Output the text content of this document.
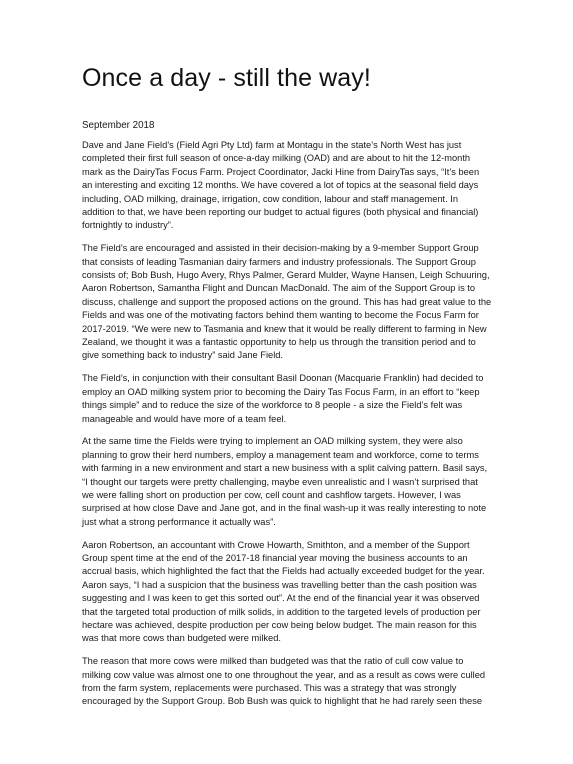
Once a day - still the way!

September 2018

Dave and Jane Field’s (Field Agri Pty Ltd) farm at Montagu in the state’s North West has just completed their first full season of once-a-day milking (OAD) and are about to hit the 12-month mark as the DairyTas Focus Farm. Project Coordinator, Jacki Hine from DairyTas says, “It’s been an interesting and exciting 12 months. We have covered a lot of topics at the seasonal field days including, OAD milking, drainage, irrigation, cow condition, labour and staff management. In addition to that, we have been reporting our budget to actual figures (both physical and financial) fortnightly to industry”.

The Field’s are encouraged and assisted in their decision-making by a 9-member Support Group that consists of leading Tasmanian dairy farmers and industry professionals. The Support Group consists of; Bob Bush, Hugo Avery, Rhys Palmer, Gerard Mulder, Wayne Hansen, Leigh Schuuring, Aaron Robertson, Samantha Flight and Duncan MacDonald. The aim of the Support Group is to discuss, challenge and support the proposed actions on the ground. This has had great value to the Fields and was one of the motivating factors behind them wanting to become the Focus Farm for 2017-2019. “We were new to Tasmania and knew that it would be really different to farming in New Zealand, we thought it was a fantastic opportunity to help us through the transition period and to give something back to industry” said Jane Field.

The Field’s, in conjunction with their consultant Basil Doonan (Macquarie Franklin) had decided to employ an OAD milking system prior to becoming the Dairy Tas Focus Farm, in an effort to “keep things simple” and to reduce the size of the workforce to 8 people - a size the Field’s felt was manageable and would have more of a team feel.

At the same time the Fields were trying to implement an OAD milking system, they were also planning to grow their herd numbers, employ a management team and workforce, come to terms with farming in a new environment and start a new business with a split calving pattern. Basil says, “I thought our targets were pretty challenging, maybe even unrealistic and I wasn’t surprised that we were falling short on production per cow, cell count and cashflow targets. However, I was surprised at how close Dave and Jane got, and in the final wash-up it was really interesting to note just what a strong performance it actually was”.

Aaron Robertson, an accountant with Crowe Howarth, Smithton, and a member of the Support Group spent time at the end of the 2017-18 financial year moving the business accounts to an accrual basis, which highlighted the fact that the Fields had actually exceeded budget for the year. Aaron says, “I had a suspicion that the business was travelling better than the cash position was suggesting and I was keen to get this sorted out”. At the end of the financial year it was observed that the targeted total production of milk solids, in addition to the targeted levels of production per hectare was achieved, despite production per cow being below budget. The main reason for this was that more cows than budgeted were milked.

The reason that more cows were milked than budgeted was that the ratio of cull cow value to milking cow value was almost one to one throughout the year, and as a result as cows were culled from the farm system, replacements were purchased. This was a strategy that was strongly encouraged by the Support Group. Bob Bush was quick to highlight that he had rarely seen these
